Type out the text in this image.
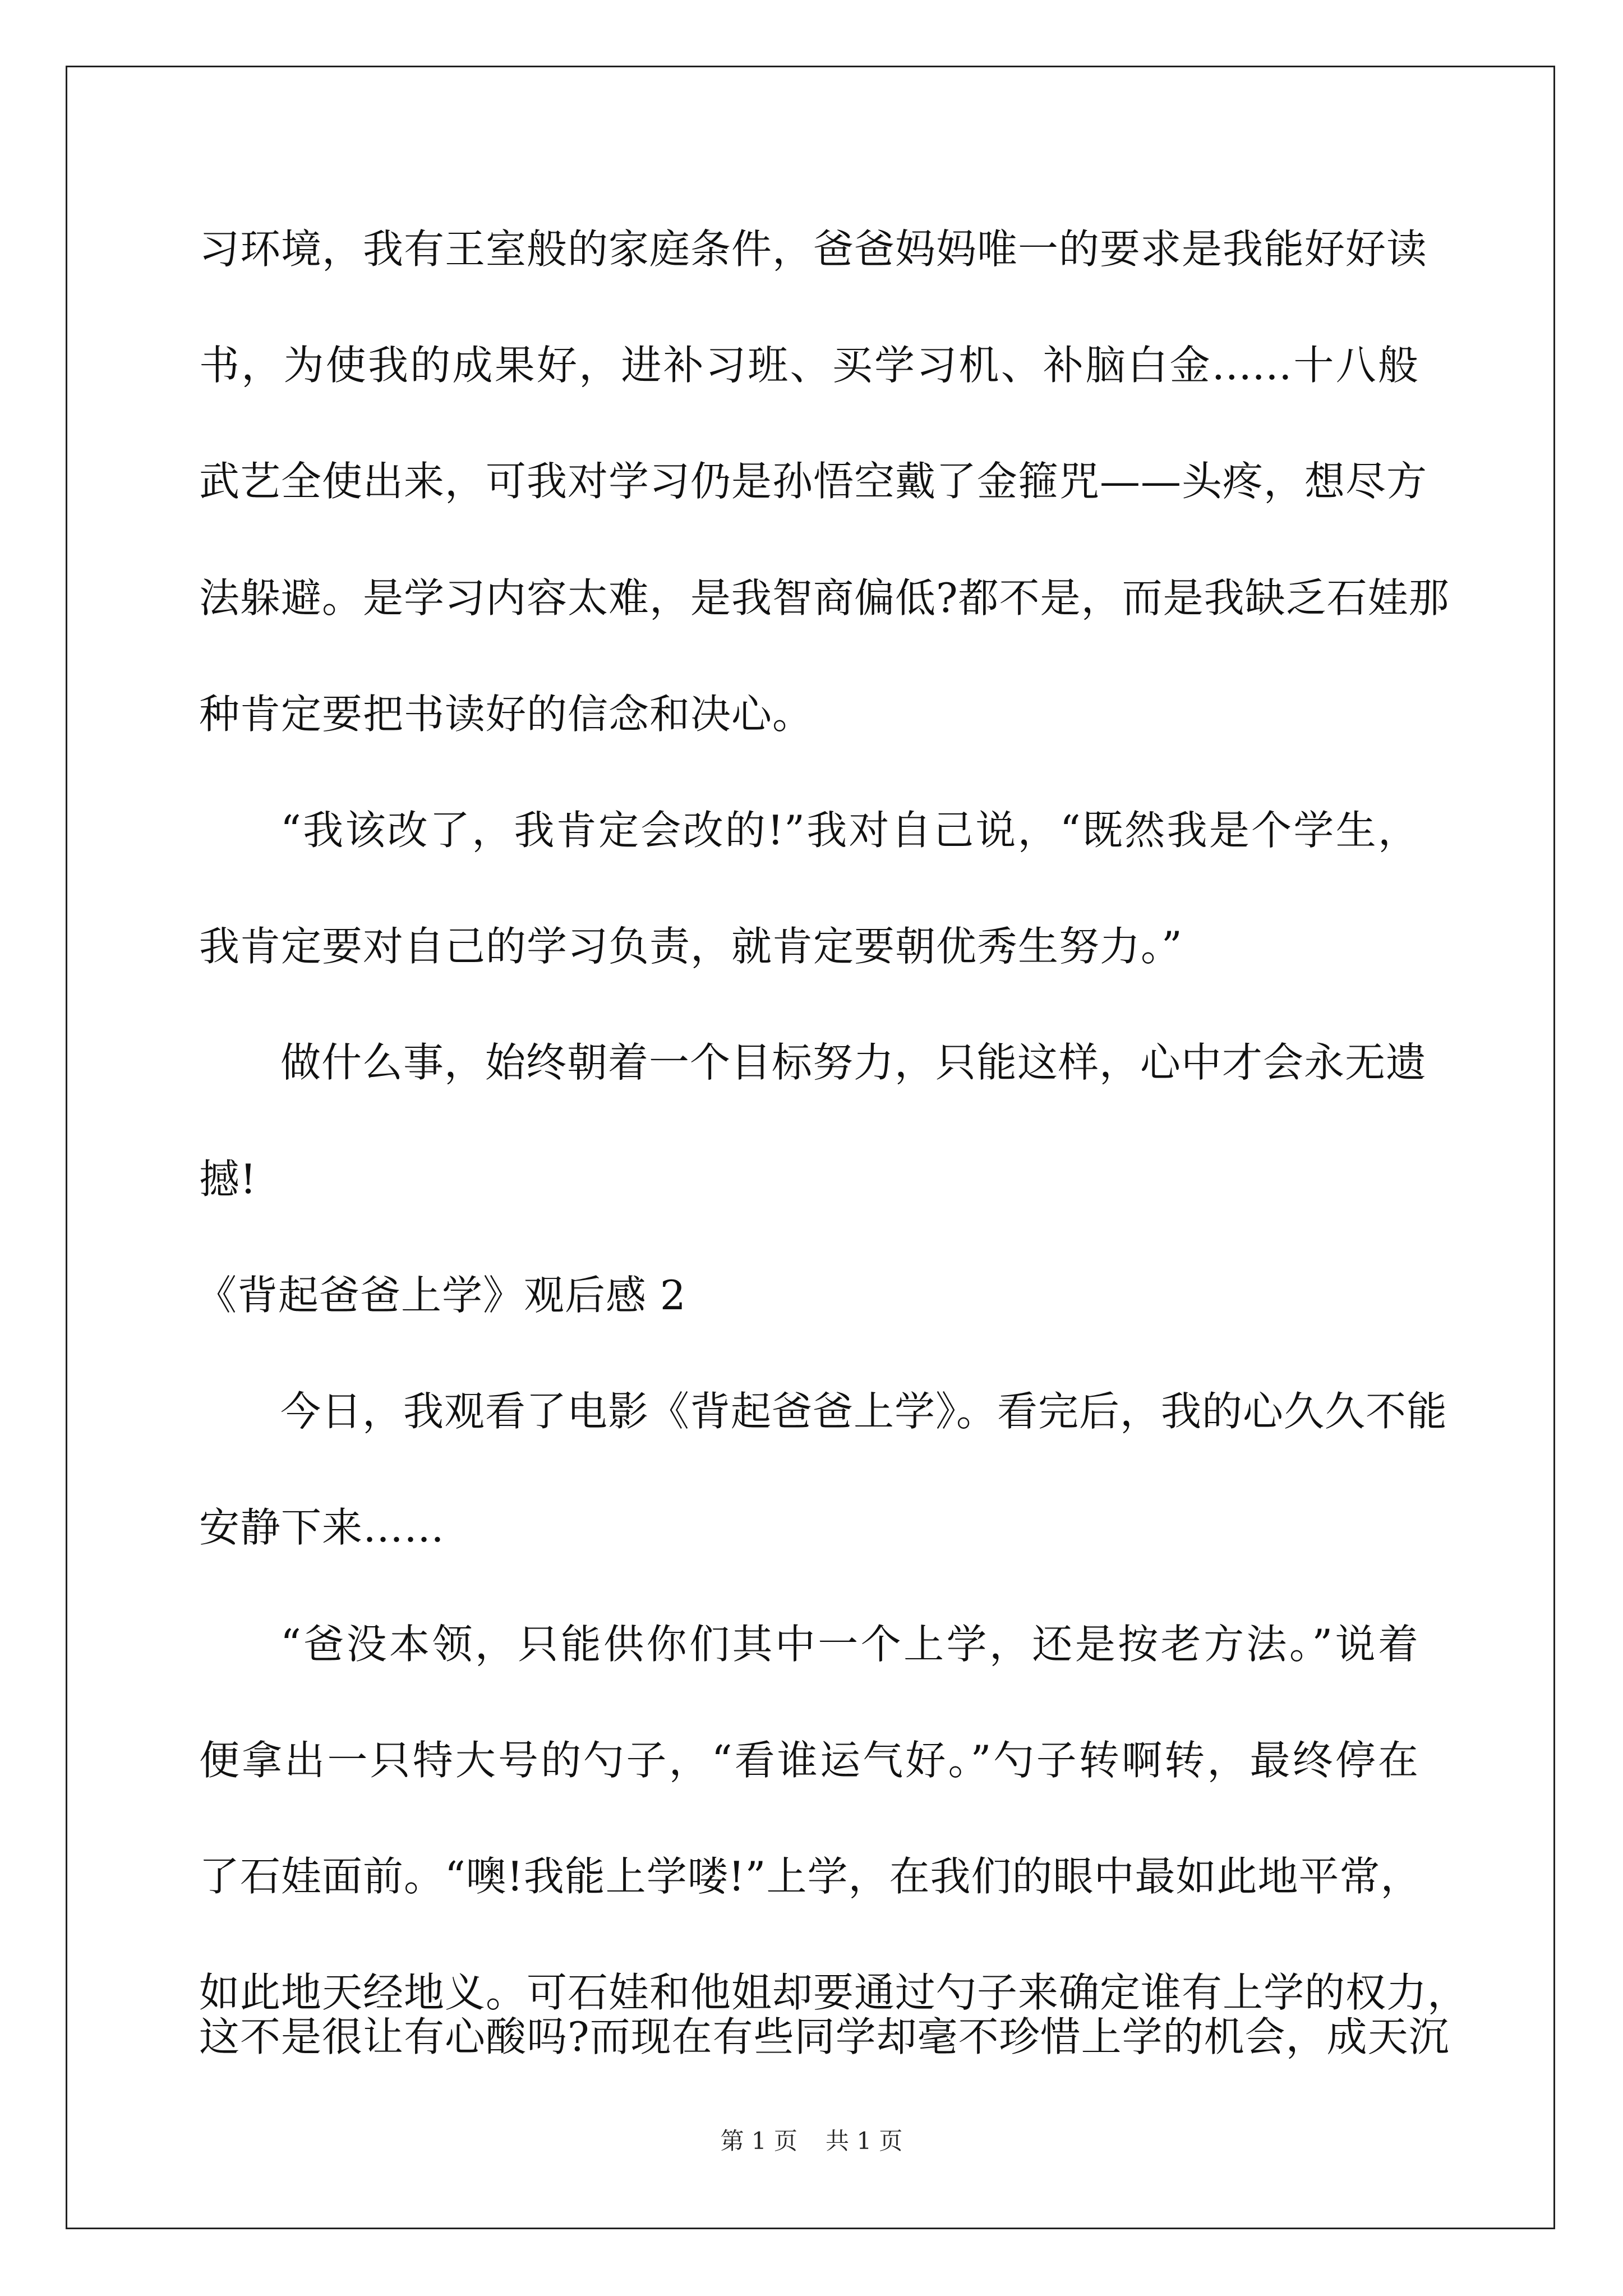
习环境，我有王室般的家庭条件，爸爸妈妈唯一的要求是我能好好读
书，为使我的成果好，进补习班、买学习机、补脑白金......十八般
武艺全使出来，可我对学习仍是孙悟空戴了金箍咒——头疼，想尽方
法躲避。是学习内容太难，是我智商偏低?都不是，而是我缺乏石娃那
种肯定要把书读好的信念和决心。
“我该改了，我肯定会改的!”我对自己说，“既然我是个学生，
我肯定要对自己的学习负责，就肯定要朝优秀生努力。”
做什么事，始终朝着一个目标努力，只能这样，心中才会永无遗
撼!
《背起爸爸上学》观后感 2
今日，我观看了电影《背起爸爸上学》。看完后，我的心久久不能
安静下来……
“爸没本领，只能供你们其中一个上学，还是按老方法。”说着
便拿出一只特大号的勺子，“看谁运气好。”勺子转啊转，最终停在
了石娃面前。“噢!我能上学喽!”上学，在我们的眼中最如此地平常，
如此地天经地义。可石娃和他姐却要通过勺子来确定谁有上学的权力，
这不是很让有心酸吗?而现在有些同学却毫不珍惜上学的机会，成天沉
第 1 页 共 1 页
